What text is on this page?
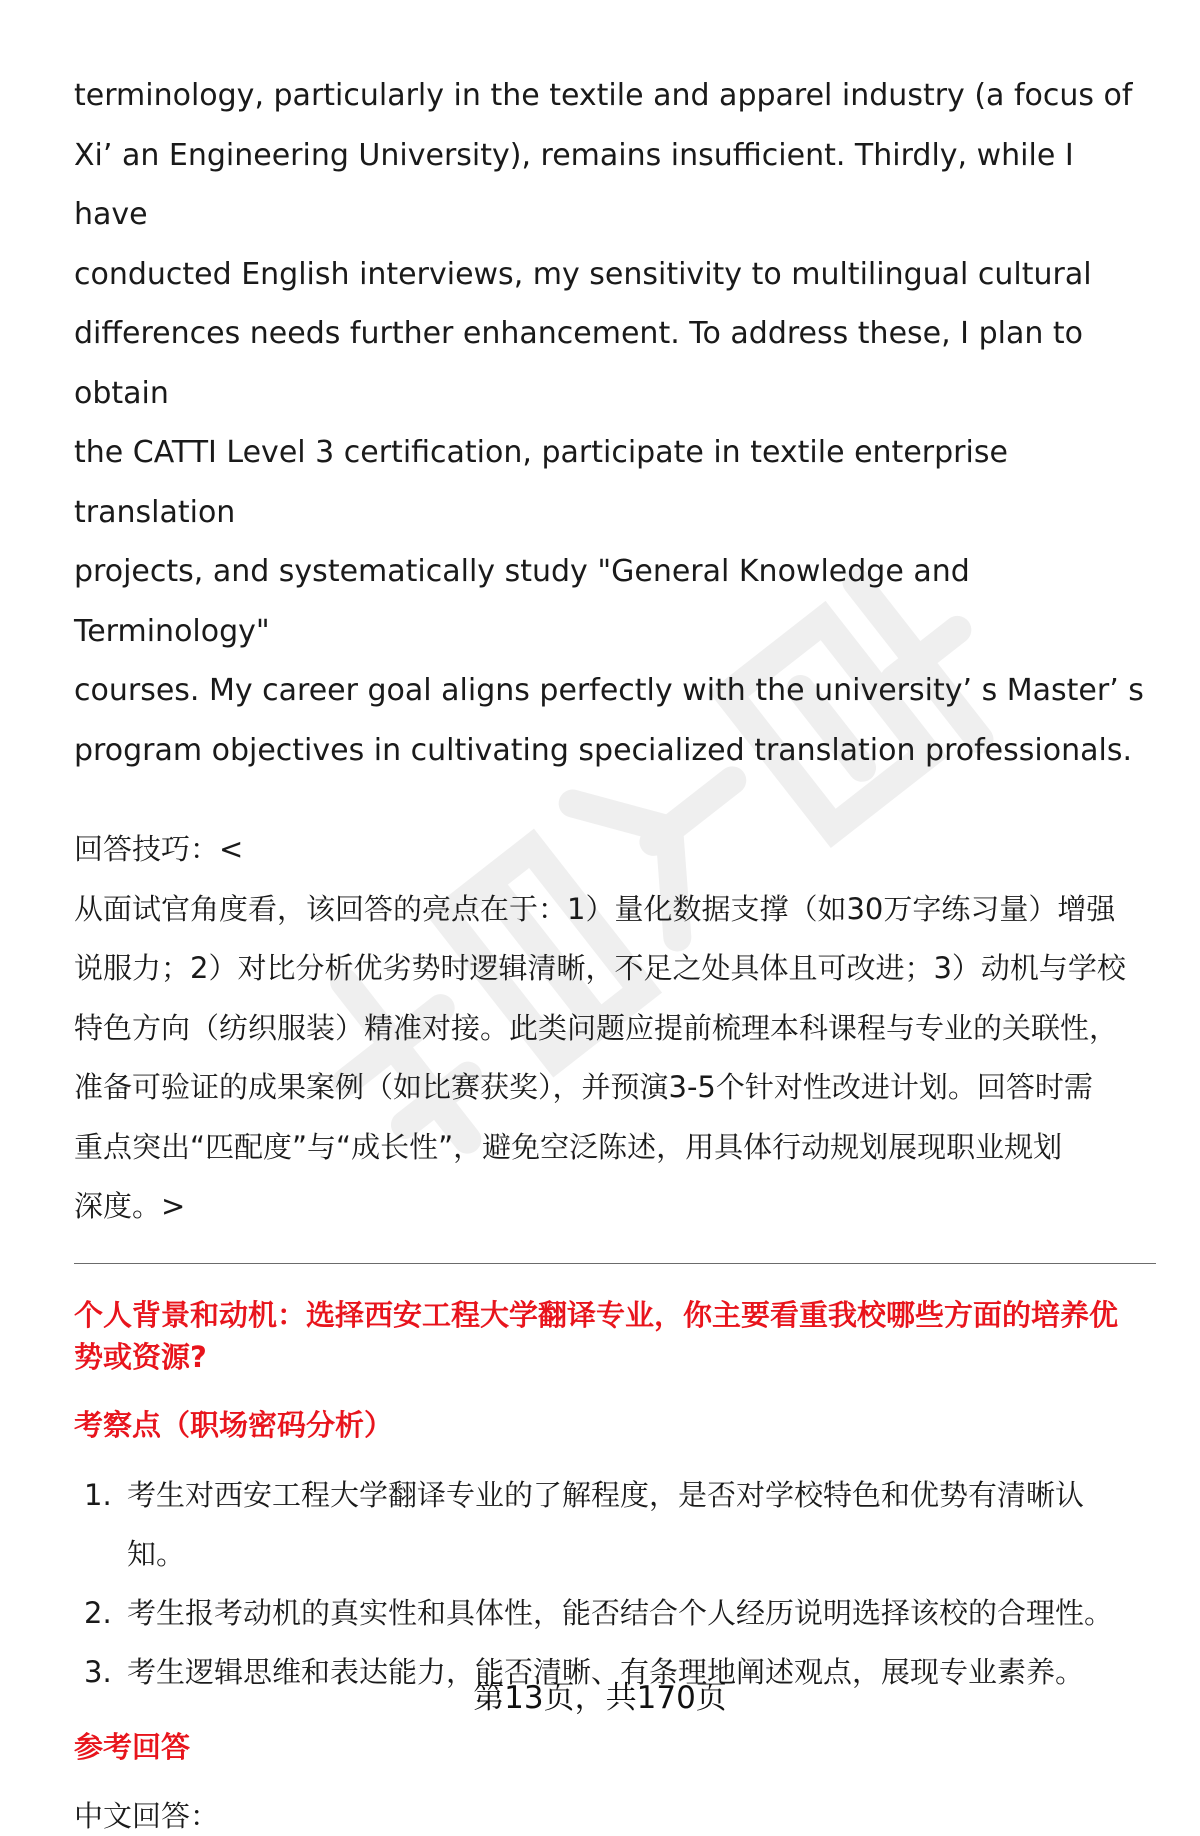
terminology, particularly in the textile and apparel industry (a focus of
Xi’ an Engineering University), remains insufficient. Thirdly, while I have
conducted English interviews, my sensitivity to multilingual cultural
differences needs further enhancement. To address these, I plan to obtain
the CATTI Level 3 certification, participate in textile enterprise translation
projects, and systematically study "General Knowledge and Terminology"
courses. My career goal aligns perfectly with the university’ s Master’ s
program objectives in cultivating specialized translation professionals.

回答技巧：<

从面试官角度看，该回答的亮点在于：1）量化数据支撑（如30万字练习量）增强
说服力；2）对比分析优劣势时逻辑清晰，不足之处具体且可改进；3）动机与学校
特色方向（纺织服装）精准对接。此类问题应提前梳理本科课程与专业的关联性，
准备可验证的成果案例（如比赛获奖），并预演3-5个针对性改进计划。回答时需
重点突出“匹配度”与“成长性”，避免空泛陈述，用具体行动规划展现职业规划
深度。>

个人背景和动机：选择西安工程大学翻译专业，你主要看重我校哪些方面的培养优
势或资源?

考察点（职场密码分析）

1. 考生对西安工程大学翻译专业的了解程度，是否对学校特色和优势有清晰认
知。
2. 考生报考动机的真实性和具体性，能否结合个人经历说明选择该校的合理性。
3. 考生逻辑思维和表达能力，能否清晰、有条理地阐述观点，展现专业素养。

参考回答

中文回答：
第13页，共170页
